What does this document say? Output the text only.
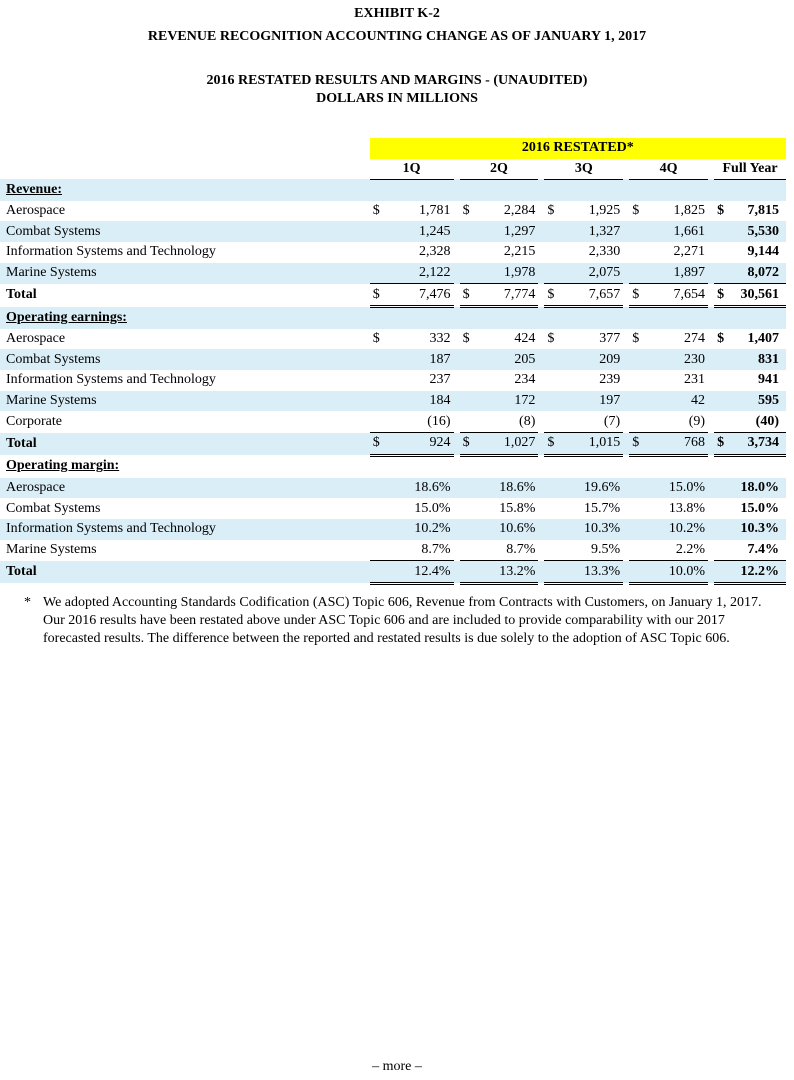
EXHIBIT K-2
REVENUE RECOGNITION ACCOUNTING CHANGE AS OF JANUARY 1, 2017
2016 RESTATED RESULTS AND MARGINS - (UNAUDITED)
DOLLARS IN MILLIONS
	2016 RESTATED*													
	1Q			2Q			3Q			4Q			Full Year	
Revenue:														
Aerospace	$	1,781		$	2,284		$	1,925		$	1,825		$	7,815
Combat Systems		1,245			1,297			1,327			1,661			5,530
Information Systems and Technology		2,328			2,215			2,330			2,271			9,144
Marine Systems		2,122			1,978			2,075			1,897			8,072
Total	$	7,476		$	7,774		$	7,657		$	7,654		$	30,561
Operating earnings:														
Aerospace	$	332		$	424		$	377		$	274		$	1,407
Combat Systems		187			205			209			230			831
Information Systems and Technology		237			234			239			231			941
Marine Systems		184			172			197			42			595
Corporate		(16)			(8)			(7)			(9)			(40)
Total	$	924		$	1,027		$	1,015		$	768		$	3,734
Operating margin:														
Aerospace		18.6%			18.6%			19.6%			15.0%			18.0%
Combat Systems		15.0%			15.8%			15.7%			13.8%			15.0%
Information Systems and Technology		10.2%			10.6%			10.3%			10.2%			10.3%
Marine Systems		8.7%			8.7%			9.5%			2.2%			7.4%
Total		12.4%			13.2%			13.3%			10.0%			12.2%
* We adopted Accounting Standards Codification (ASC) Topic 606, Revenue from Contracts with Customers, on January 1, 2017. Our 2016 results have been restated above under ASC Topic 606 and are included to provide comparability with our 2017 forecasted results. The difference between the reported and restated results is due solely to the adoption of ASC Topic 606.
– more –
